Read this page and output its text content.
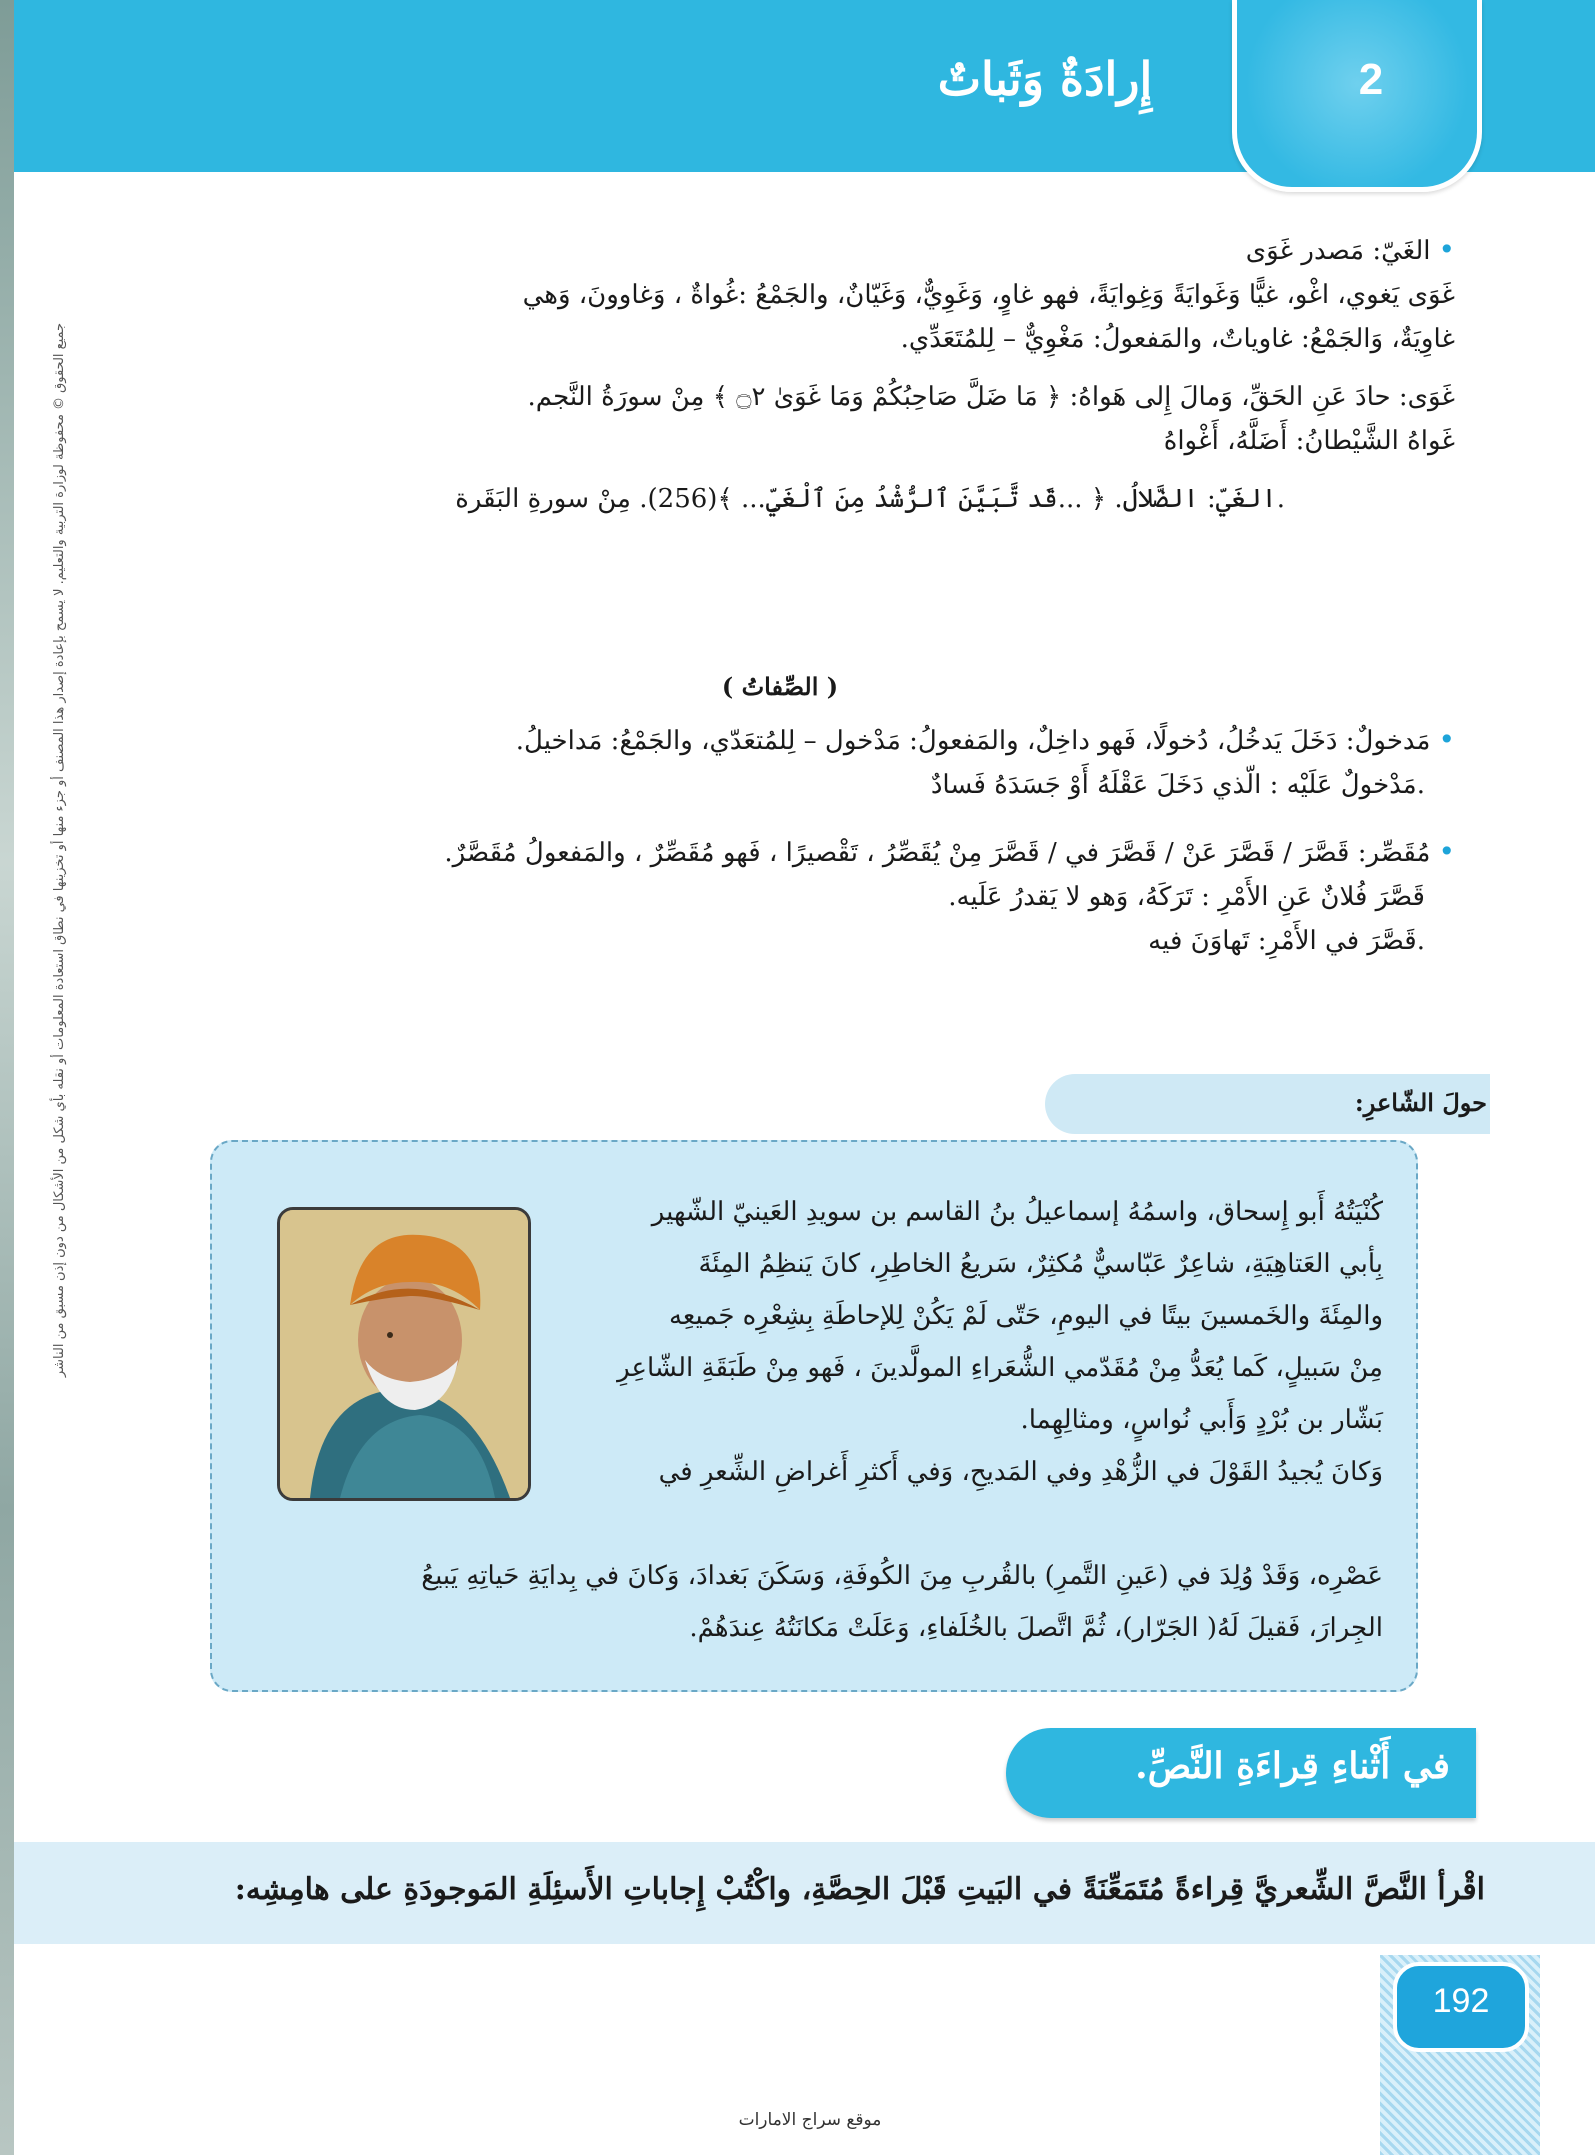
جميع الحقوق © محفوظة لوزارة التربية والتعليم. لا يسمح بإعادة إصدار هذا المصنف أو جزء منها أو تخزينها في نطاق استعادة المعلومات أو نقله بأي شكل من الأشكال من دون إذن مسبق من الناشر
2
إِرادَةٌ وَثَباتٌ
•الغَيّ: مَصدر غَوَى
غَوَى يَغوي، اغْو، غيًّا وَغَوايَةً وَغِوايَةً، فهو غاوٍ، وَغَوِيٌّ، وَغَيّانٌ، والجَمْعُ :غُواةٌ ، وَغاوونَ، وَهي
غاوِيَةٌ، وَالجَمْعُ: غاوياتٌ، والمَفعولُ: مَغْوِيٌّ – لِلمُتَعَدِّي.
غَوَى: حادَ عَنِ الحَقِّ، وَمالَ إِلى هَواهُ: ﴿ مَا ضَلَّ صَاحِبُكُمْ وَمَا غَوَىٰ ۝٢ ﴾ مِنْ سورَةُ النَّجم.
غَواهُ الشَّيْطانُ: أَضَلَّهُ، أَغْواهُ
.الغَيّ: الضَّلالُ. ﴿ ...قَد تَّبَيَّنَ ٱلرُّشْدُ مِنَ ٱلْغَيِّ... ﴾(256). مِنْ سورةِ البَقَرة
( الصِّفاتُ )
•مَدخولٌ: دَخَلَ يَدخُلُ، دُخولًا، فَهو داخِلٌ، والمَفعولُ: مَدْخول – لِلمُتعَدّي، والجَمْعُ: مَداخيلُ.
.مَدْخولٌ عَلَيْه : الّذي دَخَلَ عَقْلَهُ أَوْ جَسَدَهُ فَسادٌ
•مُقَصِّر: قَصَّرَ / قَصَّرَ عَنْ / قَصَّرَ في / قَصَّرَ مِنْ يُقَصِّرُ ، تَقْصيرًا ، فَهو مُقَصِّرٌ ، والمَفعولُ مُقَصَّرٌ.
قَصَّرَ فُلانٌ عَنِ الأَمْرِ : تَرَكَهُ، وَهو لا يَقدرُ عَلَيه.
.قَصَّرَ في الأَمْرِ: تَهاوَنَ فيه
حولَ الشّاعرِ:
كُنْيَتُهُ أَبو إِسحاق، واسمُهُ إسماعيلُ بنُ القاسم بن سويدِ العَينيّ الشّهير
بِأبي العَتاهِيَةِ، شاعِرٌ عَبّاسيٌّ مُكثِرٌ، سَريعُ الخاطِرِ، كانَ يَنظِمُ المِئَةَ
والمِئَةَ والخَمسينَ بيتًا في اليومِ، حَتّى لَمْ يَكُنْ لِلإحاطَةِ بِشِعْرِه جَميعِه
مِنْ سَبيلٍ، كَما يُعَدُّ مِنْ مُقَدّمي الشُّعَراءِ المولَّدينَ ، فَهو مِنْ طَبَقَةِ الشّاعِرِ
بَشّار بن بُرْدٍ وَأَبي نُواسٍ، ومثالِهِما.
وَكانَ يُجيدُ القَوْلَ في الزُّهْدِ وفي المَديحِ، وَفي أَكثرِ أَغراضِ الشِّعرِ في
عَصْرِه، وَقَدْ وُلِدَ في (عَينِ التَّمرِ) بالقُربِ مِنَ الكُوفَةِ، وَسَكَنَ بَغدادَ، وَكانَ في بِدايَةِ حَياتِهِ يَبيعُ
الجِرارَ، فَقيلَ لَهُ( الجَرّار)، ثُمَّ اتَّصلَ بالخُلَفاءِ، وَعَلَتْ مَكانَتُهُ عِندَهُمْ.
في أَثْناءِ قِراءَةِ النَّصِّ.
اقْرأ النَّصَّ الشِّعريَّ قِراءةً مُتَمَعِّنَةً في البَيتِ قَبْلَ الحِصَّةِ، واكْتُبْ إِجاباتِ الأَسئِلَةِ المَوجودَةِ على هامِشِه:
192
موقع سراج الامارات
